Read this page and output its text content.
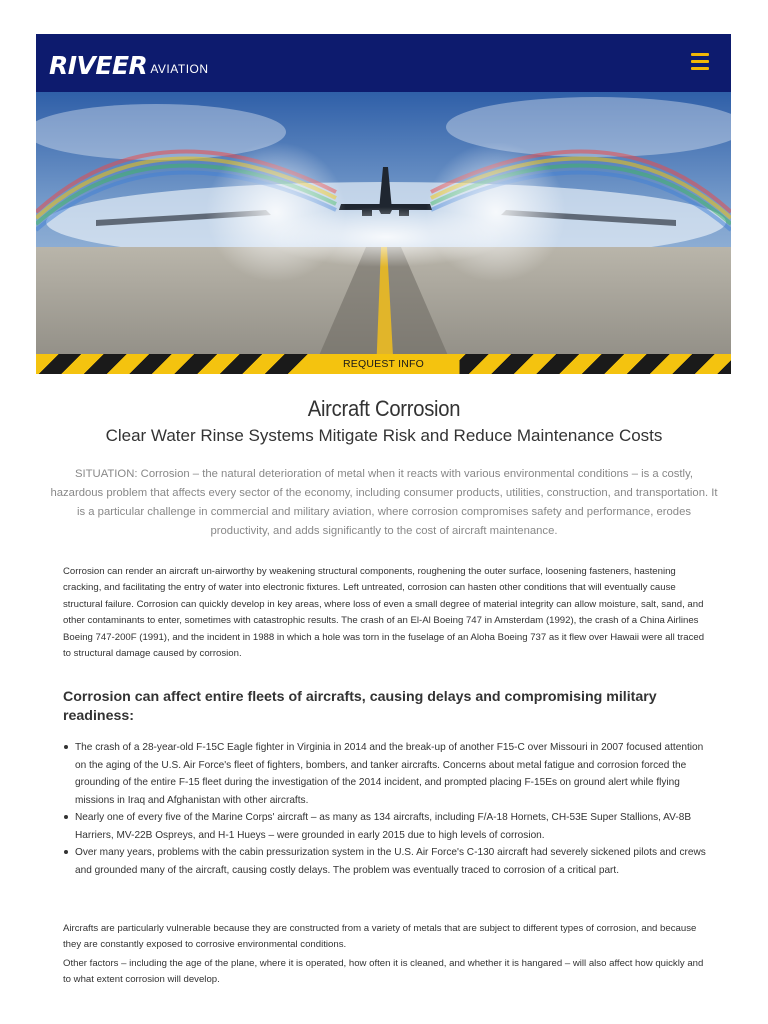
RIVEER AVIATION
REQUEST INFO
Aircraft Corrosion
Clear Water Rinse Systems Mitigate Risk and Reduce Maintenance Costs
SITUATION: Corrosion – the natural deterioration of metal when it reacts with various environmental conditions – is a costly, hazardous problem that affects every sector of the economy, including consumer products, utilities, construction, and transportation. It is a particular challenge in commercial and military aviation, where corrosion compromises safety and performance, erodes productivity, and adds significantly to the cost of aircraft maintenance.
Corrosion can render an aircraft un-airworthy by weakening structural components, roughening the outer surface, loosening fasteners, hastening cracking, and facilitating the entry of water into electronic fixtures. Left untreated, corrosion can hasten other conditions that will eventually cause structural failure. Corrosion can quickly develop in key areas, where loss of even a small degree of material integrity can allow moisture, salt, sand, and other contaminants to enter, sometimes with catastrophic results. The crash of an El-Al Boeing 747 in Amsterdam (1992), the crash of a China Airlines Boeing 747-200F (1991), and the incident in 1988 in which a hole was torn in the fuselage of an Aloha Boeing 737 as it flew over Hawaii were all traced to structural damage caused by corrosion.
Corrosion can affect entire fleets of aircrafts, causing delays and compromising military readiness:
The crash of a 28-year-old F-15C Eagle fighter in Virginia in 2014 and the break-up of another F15-C over Missouri in 2007 focused attention on the aging of the U.S. Air Force's fleet of fighters, bombers, and tanker aircrafts. Concerns about metal fatigue and corrosion forced the grounding of the entire F-15 fleet during the investigation of the 2014 incident, and prompted placing F-15Es on ground alert while flying missions in Iraq and Afghanistan with other aircrafts.
Nearly one of every five of the Marine Corps' aircraft – as many as 134 aircrafts, including F/A-18 Hornets, CH-53E Super Stallions, AV-8B Harriers, MV-22B Ospreys, and H-1 Hueys – were grounded in early 2015 due to high levels of corrosion.
Over many years, problems with the cabin pressurization system in the U.S. Air Force's C-130 aircraft had severely sickened pilots and crews and grounded many of the aircraft, causing costly delays. The problem was eventually traced to corrosion of a critical part.
Aircrafts are particularly vulnerable because they are constructed from a variety of metals that are subject to different types of corrosion, and because they are constantly exposed to corrosive environmental conditions.
Other factors – including the age of the plane, where it is operated, how often it is cleaned, and whether it is hangared – will also affect how quickly and to what extent corrosion will develop.
